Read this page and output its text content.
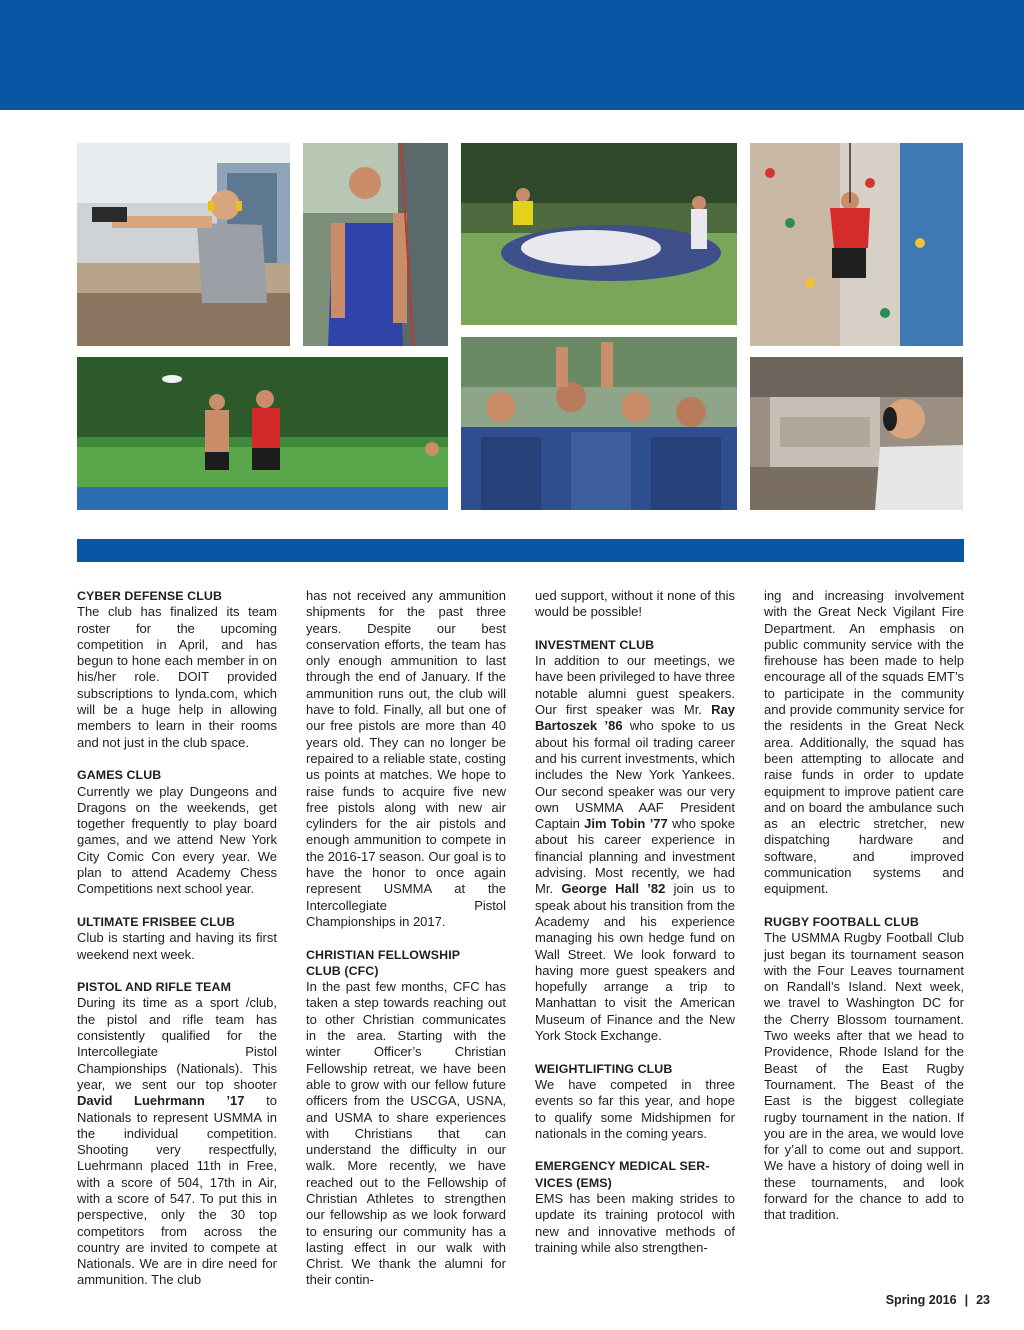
CYBER DEFENSE CLUB

The club has finalized its team roster for the upcoming competition in April, and has begun to hone each member in on his/her role. DOIT provided subscriptions to lynda.com, which will be a huge help in allowing members to learn in their rooms and not just in the club space.

GAMES CLUB

Currently we play Dungeons and Dragons on the weekends, get together frequently to play board games, and we attend New York City Comic Con every year. We plan to attend Academy Chess Competitions next school year.

ULTIMATE FRISBEE CLUB

Club is starting and having its first weekend next week.

PISTOL AND RIFLE TEAM

During its time as a sport /club, the pistol and rifle team has consistently qualified for the Intercollegiate Pistol Championships (Nationals). This year, we sent our top shooter David Luehrmann ’17 to Nationals to represent USMMA in the individual competition. Shooting very respectfully, Luehrmann placed 11th in Free, with a score of 504, 17th in Air, with a score of 547. To put this in perspective, only the 30 top competitors from across the country are invited to compete at Nationals. We are in dire need for ammunition. The club

has not received any ammunition shipments for the past three years. Despite our best conservation efforts, the team has only enough ammunition to last through the end of January. If the ammunition runs out, the club will have to fold. Finally, all but one of our free pistols are more than 40 years old. They can no longer be repaired to a reliable state, costing us points at matches. We hope to raise funds to acquire five new free pistols along with new air cylinders for the air pistols and enough ammunition to compete in the 2016-17 season. Our goal is to have the honor to once again represent USMMA at the Intercollegiate Pistol Championships in 2017.

CHRISTIAN FELLOWSHIP
CLUB (CFC)

In the past few months, CFC has taken a step towards reaching out to other Christian communicates in the area. Starting with the winter Officer’s Christian Fellowship retreat, we have been able to grow with our fellow future officers from the USCGA, USNA, and USMA to share experiences with Christians that can understand the difficulty in our walk. More recently, we have reached out to the Fellowship of Christian Athletes to strengthen our fellowship as we look forward to ensuring our community has a lasting effect in our walk with Christ. We thank the alumni for their contin-

ued support, without it none of this would be possible!

INVESTMENT CLUB

In addition to our meetings, we have been privileged to have three notable alumni guest speakers. Our first speaker was Mr. Ray Bartoszek ’86 who spoke to us about his formal oil trading career and his current investments, which includes the New York Yankees. Our second speaker was our very own USMMA AAF President Captain Jim Tobin ’77 who spoke about his career experience in financial planning and investment advising. Most recently, we had Mr. George Hall ’82 join us to speak about his transition from the Academy and his experience managing his own hedge fund on Wall Street. We look forward to having more guest speakers and hopefully arrange a trip to Manhattan to visit the American Museum of Finance and the New York Stock Exchange.

WEIGHTLIFTING CLUB

We have competed in three events so far this year, and hope to qualify some Midshipmen for nationals in the coming years.

EMERGENCY MEDICAL SER-
VICES (EMS)

EMS has been making strides to update its training protocol with new and innovative methods of training while also strengthen-

ing and increasing involvement with the Great Neck Vigilant Fire Department. An emphasis on public community service with the firehouse has been made to help encourage all of the squads EMT’s to participate in the community and provide community service for the residents in the Great Neck area. Additionally, the squad has been attempting to allocate and raise funds in order to update equipment to improve patient care and on board the ambulance such as an electric stretcher, new dispatching hardware and software, and improved communication systems and equipment.

RUGBY FOOTBALL CLUB

The USMMA Rugby Football Club just began its tournament season with the Four Leaves tournament on Randall’s Island. Next week, we travel to Washington DC for the Cherry Blossom tournament. Two weeks after that we head to Providence, Rhode Island for the Beast of the East Rugby Tournament. The Beast of the East is the biggest collegiate rugby tournament in the nation. If you are in the area, we would love for y’all to come out and support. We have a history of doing well in these tournaments, and look forward for the chance to add to that tradition.

Spring 2016 | 23
